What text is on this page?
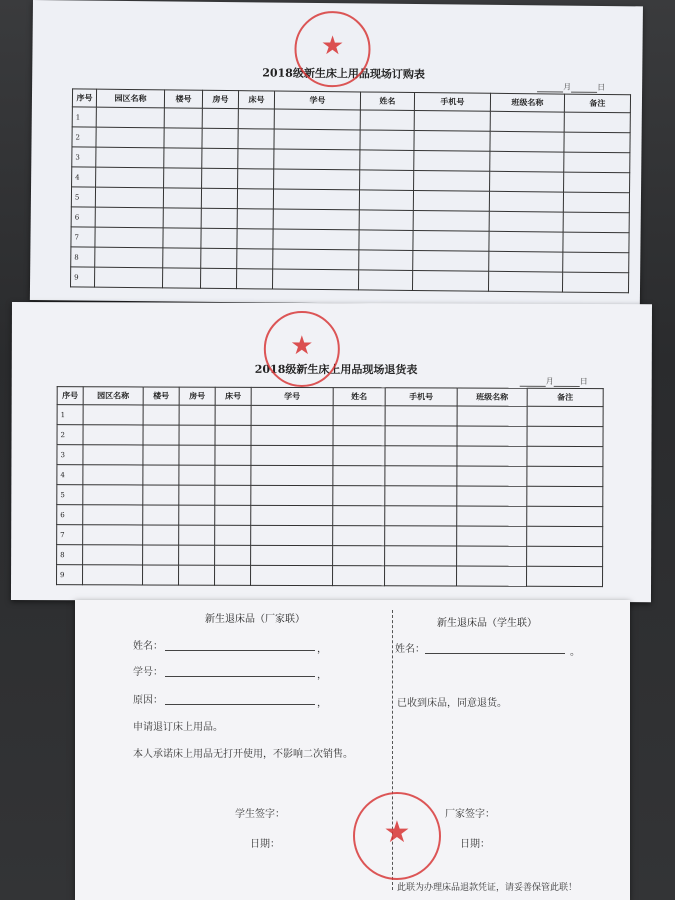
2018级新生床上用品现场订购表
月	日
★
序号	园区名称	楼号	房号	床号	学号	姓名	手机号	班级名称	备注
1									
2									
3									
4									
5									
6									
7									
8									
9									
2018级新生床上用品现场退货表
月	日
★
序号	园区名称	楼号	房号	床号	学号	姓名	手机号	班级名称	备注
1									
2									
3									
4									
5									
6									
7									
8									
9									
新生退床品（厂家联）
姓名：	，
学号：	，
原因：	，
申请退订床上用品。
本人承诺床上用品无打开使用，不影响二次销售。
学生签字：
日期：
新生退床品（学生联）
姓名：	。
已收到床品，同意退货。
厂家签字：
日期：
★
此联为办理床品退款凭证，请妥善保管此联！
